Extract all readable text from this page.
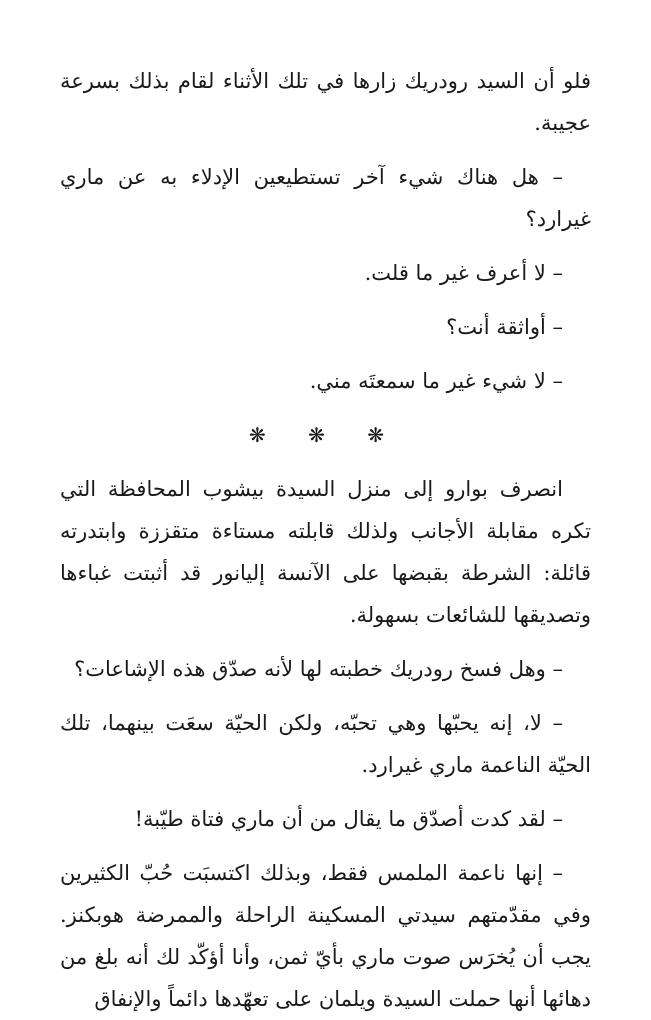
فلو أن السيد رودريك زارها في تلك الأثناء لقام بذلك بسرعة عجيبة.

– هل هناك شيء آخر تستطيعين الإدلاء به عن ماري غيرارد؟

– لا أعرف غير ما قلت.

– أواثقة أنت؟

– لا شيء غير ما سمعتَه مني.

❋ ❋ ❋

انصرف بوارو إلى منزل السيدة بيشوب المحافظة التي تكره مقابلة الأجانب ولذلك قابلته مستاءة متقززة وابتدرته قائلة: الشرطة بقبضها على الآنسة إليانور قد أثبتت غباءها وتصديقها للشائعات بسهولة.

– وهل فسخ رودريك خطبته لها لأنه صدّق هذه الإشاعات؟

– لا، إنه يحبّها وهي تحبّه، ولكن الحيّة سعَت بينهما، تلك الحيّة الناعمة ماري غيرارد.

– لقد كدت أصدّق ما يقال من أن ماري فتاة طيّبة!

– إنها ناعمة الملمس فقط، وبذلك اكتسبَت حُبّ الكثيرين وفي مقدّمتهم سيدتي المسكينة الراحلة والممرضة هوبكنز. يجب أن يُخرَس صوت ماري بأيّ ثمن، وأنا أؤكّد لك أنه بلغ من دهائها أنها حملت السيدة ويلمان على تعهّدها دائماً والإنفاق
